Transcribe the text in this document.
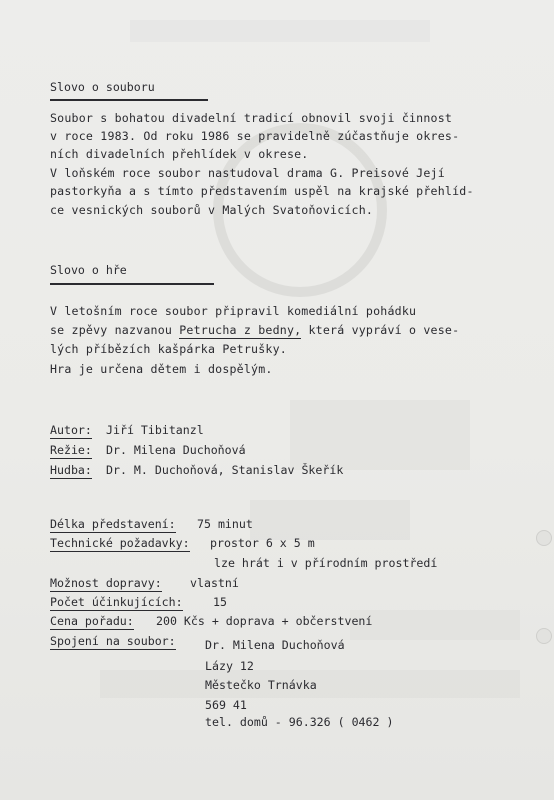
Slovo o souboru
Soubor s bohatou divadelní tradicí obnovil svoji činnost
v roce 1983. Od roku 1986 se pravidelně zúčastňuje okres-
ních divadelních přehlídek v okrese.
V loňském roce soubor nastudoval drama G. Preisové Její
pastorkyňa a s tímto představením uspěl na krajské přehlíd-
ce vesnických souborů v Malých Svatoňovicích.
Slovo o hře
V letošním roce soubor připravil komediální pohádku
se zpěvy nazvanou Petrucha z bedny, která vypráví o vese-
lých příbězích kašpárka Petrušky.
Hra je určena dětem i dospělým.
Autor: Jiří Tibitanzl
Režie: Dr. Milena Duchoňová
Hudba: Dr. M. Duchoňová, Stanislav Škeřík
Délka představení: 75 minut
Technické požadavky: prostor 6 x 5 m
lze hrát i v přírodním prostředí
Možnost dopravy: vlastní
Počet účinkujících:	15
Cena pořadu: 200 Kčs + doprava + občerstvení
Spojení na soubor:	Dr. Milena Duchoňová
Lázy 12
Městečko Trnávka
569 41
tel. domů - 96.326 ( 0462 )
